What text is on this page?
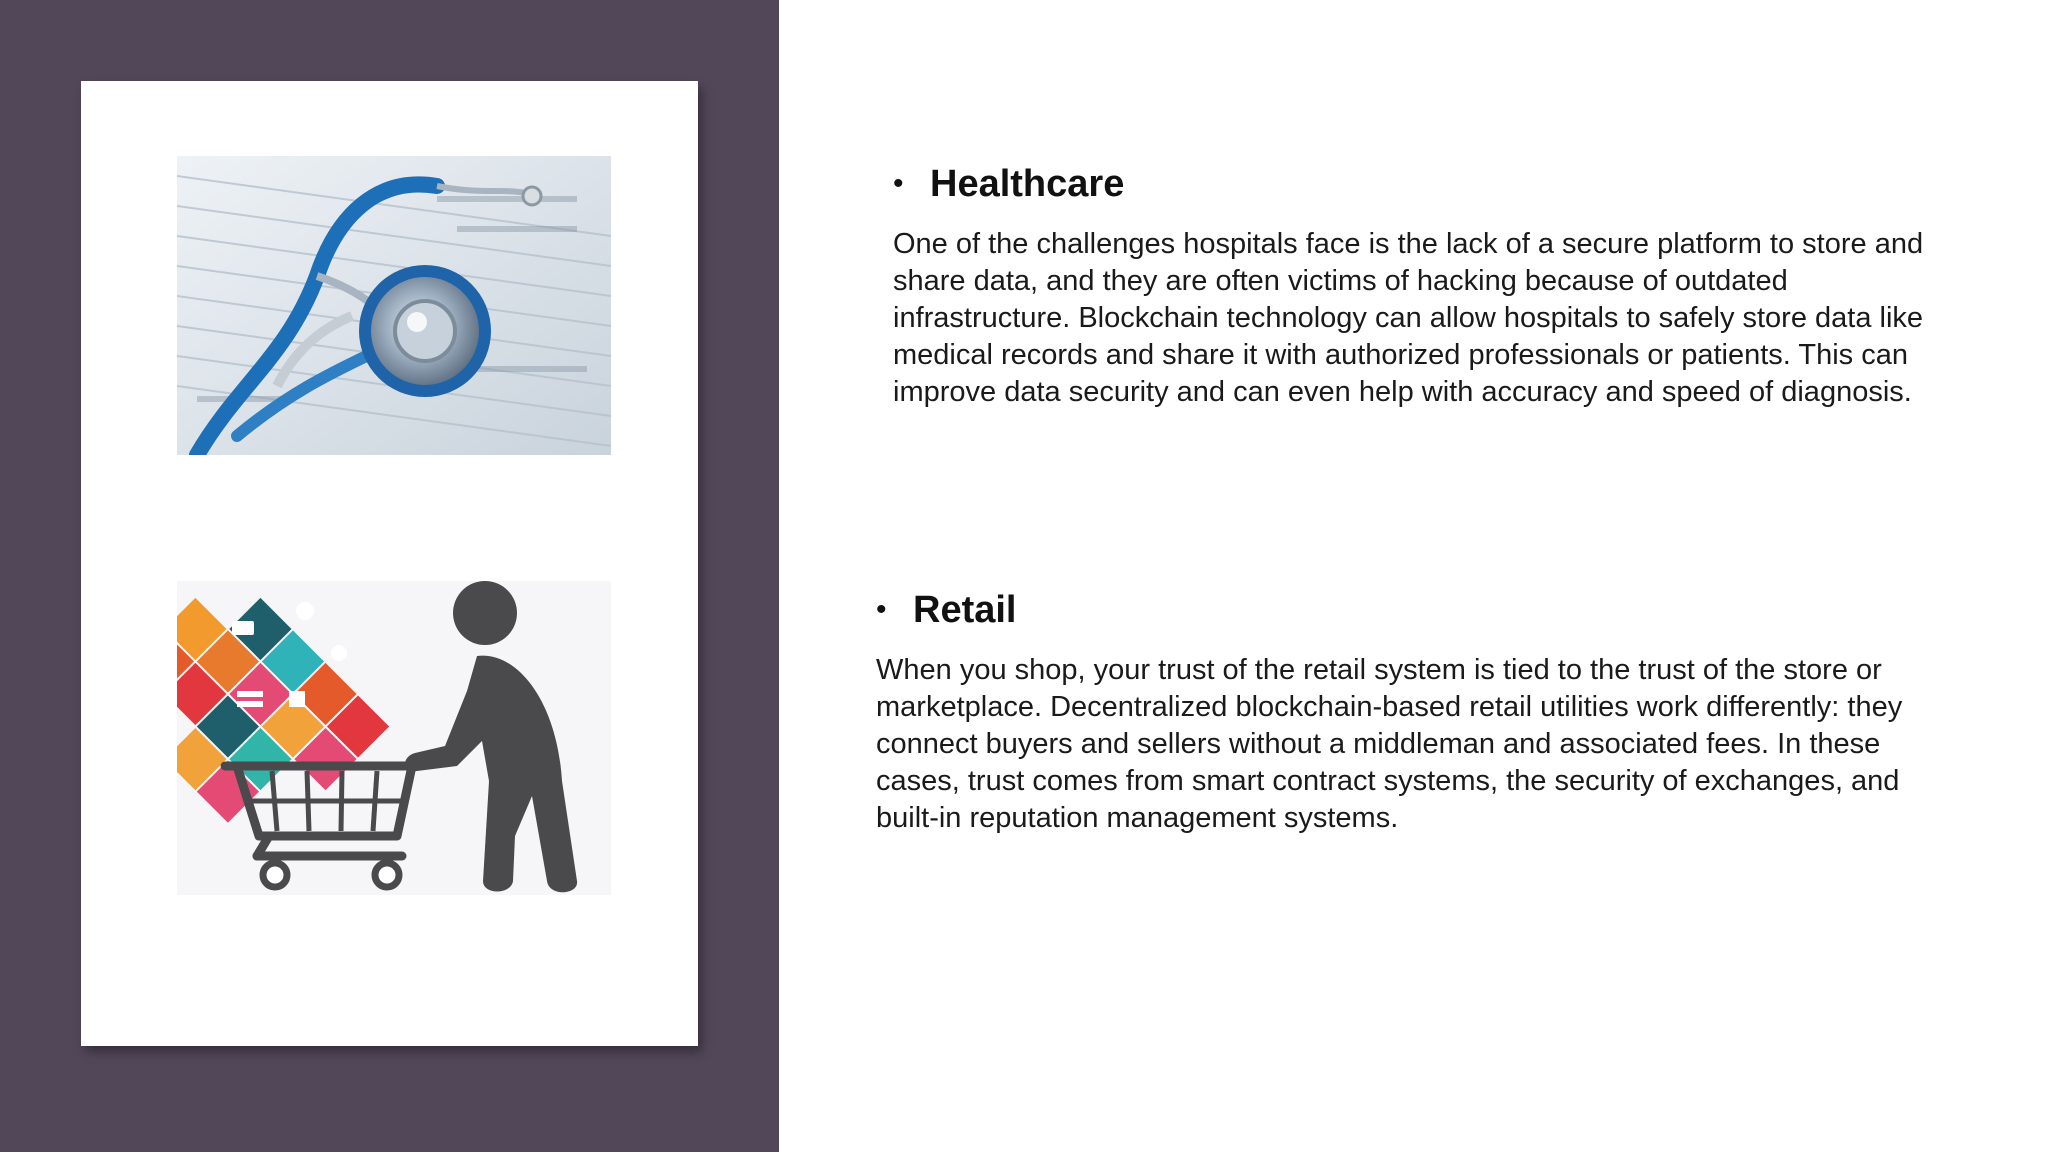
• Healthcare
One of the challenges hospitals face is the lack of a secure platform to store and share data, and they are often victims of hacking because of outdated infrastructure. Blockchain technology can allow hospitals to safely store data like medical records and share it with authorized professionals or patients. This can improve data security and can even help with accuracy and speed of diagnosis.
• Retail
When you shop, your trust of the retail system is tied to the trust of the store or marketplace. Decentralized blockchain-based retail utilities work differently: they connect buyers and sellers without a middleman and associated fees. In these cases, trust comes from smart contract systems, the security of exchanges, and built-in reputation management systems.
